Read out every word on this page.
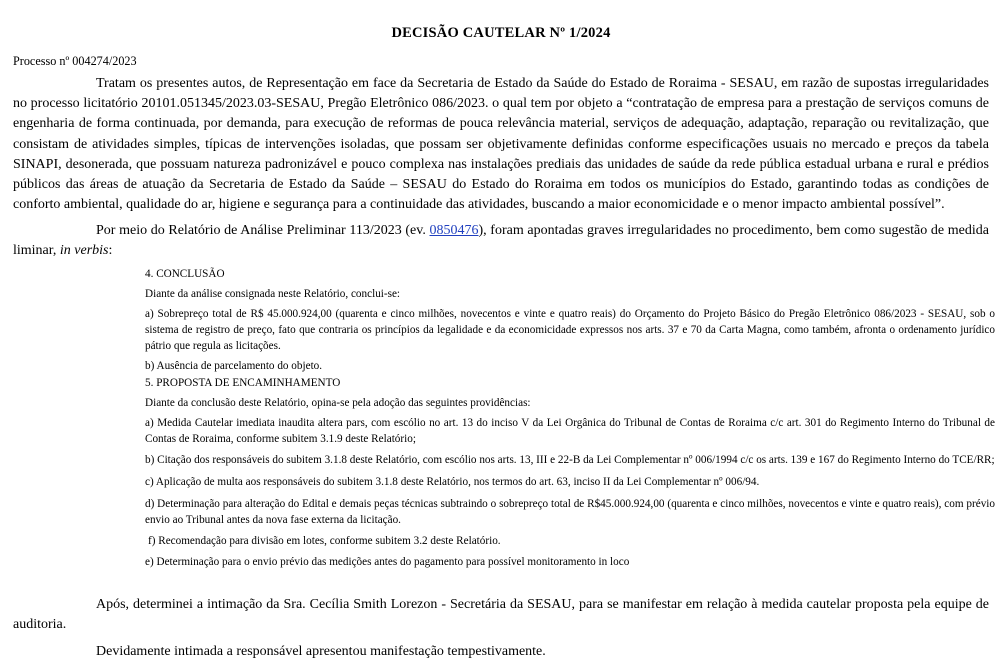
DECISÃO CAUTELAR Nº 1/2024
Processo nº 004274/2023

Tratam os presentes autos, de Representação em face da Secretaria de Estado da Saúde do Estado de Roraima - SESAU, em razão de supostas irregularidades no processo licitatório 20101.051345/2023.03-SESAU, Pregão Eletrônico 086/2023. o qual tem por objeto a “contratação de empresa para a prestação de serviços comuns de engenharia de forma continuada, por demanda, para execução de reformas de pouca relevância material, serviços de adequação, adaptação, reparação ou revitalização, que consistam de atividades simples, típicas de intervenções isoladas, que possam ser objetivamente definidas conforme especificações usuais no mercado e preços da tabela SINAPI, desonerada, que possuam natureza padronizável e pouco complexa nas instalações prediais das unidades de saúde da rede pública estadual urbana e rural e prédios públicos das áreas de atuação da Secretaria de Estado da Saúde – SESAU do Estado do Roraima em todos os municípios do Estado, garantindo todas as condições de conforto ambiental, qualidade do ar, higiene e segurança para a continuidade das atividades, buscando a maior economicidade e o menor impacto ambiental possível”.

Por meio do Relatório de Análise Preliminar 113/2023 (ev. 0850476), foram apontadas graves irregularidades no procedimento, bem como sugestão de medida liminar, in verbis:

4. CONCLUSÃO

Diante da análise consignada neste Relatório, conclui-se:

a) Sobrepreço total de R$ 45.000.924,00 (quarenta e cinco milhões, novecentos e vinte e quatro reais) do Orçamento do Projeto Básico do Pregão Eletrônico 086/2023 - SESAU, sob o sistema de registro de preço, fato que contraria os princípios da legalidade e da economicidade expressos nos arts. 37 e 70 da Carta Magna, como também, afronta o ordenamento jurídico pátrio que regula as licitações.

b) Ausência de parcelamento do objeto.

5. PROPOSTA DE ENCAMINHAMENTO

Diante da conclusão deste Relatório, opina-se pela adoção das seguintes providências:

a) Medida Cautelar imediata inaudita altera pars, com escólio no art. 13 do inciso V da Lei Orgânica do Tribunal de Contas de Roraima c/c art. 301 do Regimento Interno do Tribunal de Contas de Roraima, conforme subitem 3.1.9 deste Relatório;

b) Citação dos responsáveis do subitem 3.1.8 deste Relatório, com escólio nos arts. 13, III e 22-B da Lei Complementar nº 006/1994 c/c os arts. 139 e 167 do Regimento Interno do TCE/RR;

c) Aplicação de multa aos responsáveis do subitem 3.1.8 deste Relatório, nos termos do art. 63, inciso II da Lei Complementar nº 006/94.

d) Determinação para alteração do Edital e demais peças técnicas subtraindo o sobrepreço total de R$45.000.924,00 (quarenta e cinco milhões, novecentos e vinte e quatro reais), com prévio envio ao Tribunal antes da nova fase externa da licitação.

f) Recomendação para divisão em lotes, conforme subitem 3.2 deste Relatório.

e) Determinação para o envio prévio das medições antes do pagamento para possível monitoramento in loco

Após, determinei a intimação da Sra. Cecília Smith Lorezon - Secretária da SESAU, para se manifestar em relação à medida cautelar proposta pela equipe de auditoria.

Devidamente intimada a responsável apresentou manifestação tempestivamente.
